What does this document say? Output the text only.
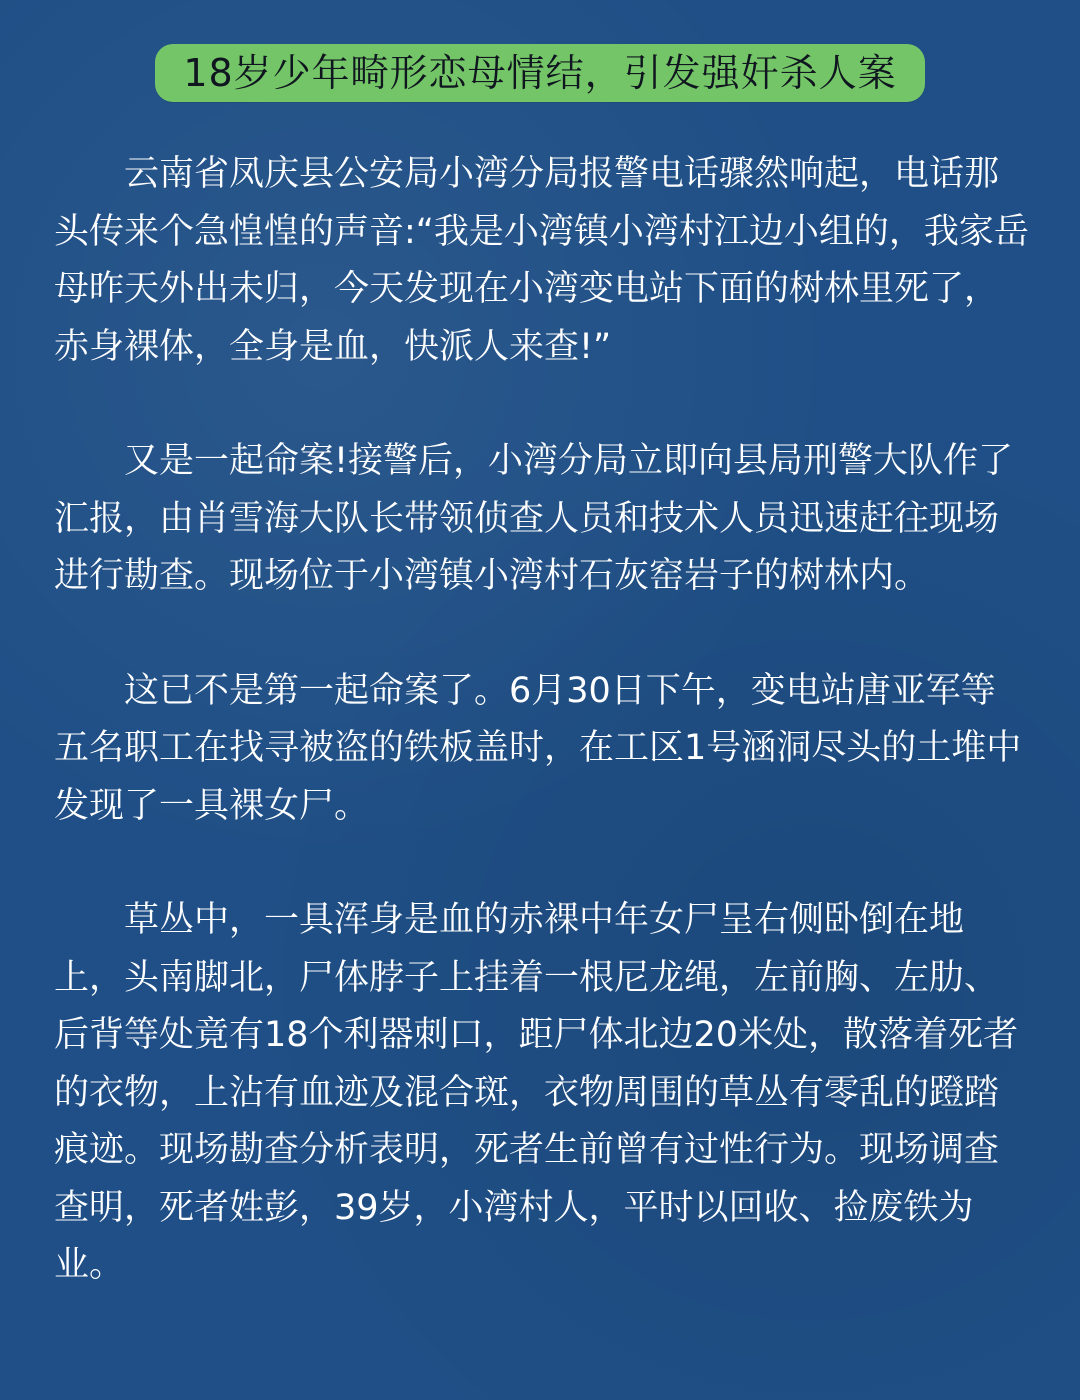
18岁少年畸形恋母情结，引发强奸杀人案

云南省凤庆县公安局小湾分局报警电话骤然响起，电话那头传来个急惶惶的声音:“我是小湾镇小湾村江边小组的，我家岳母昨天外出未归，今天发现在小湾变电站下面的树林里死了，赤身裸体，全身是血，快派人来查!”

又是一起命案!接警后，小湾分局立即向县局刑警大队作了汇报，由肖雪海大队长带领侦查人员和技术人员迅速赶往现场进行勘查。现场位于小湾镇小湾村石灰窑岩子的树林内。

这已不是第一起命案了。6月30日下午，变电站唐亚军等五名职工在找寻被盗的铁板盖时，在工区1号涵洞尽头的土堆中发现了一具裸女尸。

草丛中，一具浑身是血的赤裸中年女尸呈右侧卧倒在地上，头南脚北，尸体脖子上挂着一根尼龙绳，左前胸、左肋、后背等处竟有18个利器刺口，距尸体北边20米处，散落着死者的衣物，上沾有血迹及混合斑，衣物周围的草丛有零乱的蹬踏痕迹。现场勘查分析表明，死者生前曾有过性行为。现场调查查明，死者姓彭，39岁，小湾村人，平时以回收、捡废铁为业。
